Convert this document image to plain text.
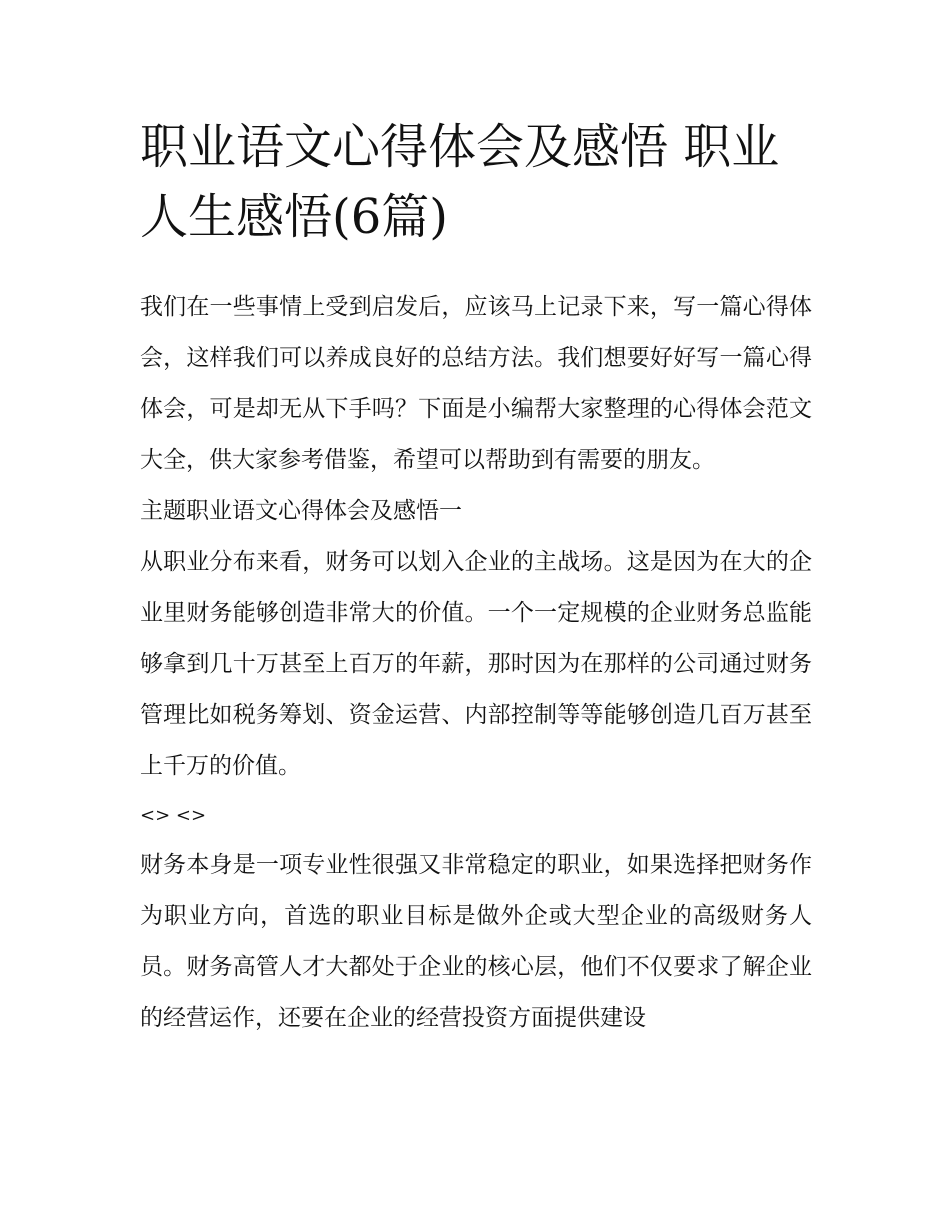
职业语文心得体会及感悟 职业人生感悟(6篇)

我们在一些事情上受到启发后，应该马上记录下来，写一篇心得体会，这样我们可以养成良好的总结方法。我们想要好好写一篇心得体会，可是却无从下手吗？下面是小编帮大家整理的心得体会范文大全，供大家参考借鉴，希望可以帮助到有需要的朋友。

主题职业语文心得体会及感悟一

从职业分布来看，财务可以划入企业的主战场。这是因为在大的企业里财务能够创造非常大的价值。一个一定规模的企业财务总监能够拿到几十万甚至上百万的年薪，那时因为在那样的公司通过财务管理比如税务筹划、资金运营、内部控制等等能够创造几百万甚至上千万的价值。

<> <>

财务本身是一项专业性很强又非常稳定的职业，如果选择把财务作为职业方向，首选的职业目标是做外企或大型企业的高级财务人员。财务高管人才大都处于企业的核心层，他们不仅要求了解企业的经营运作，还要在企业的经营投资方面提供建设
